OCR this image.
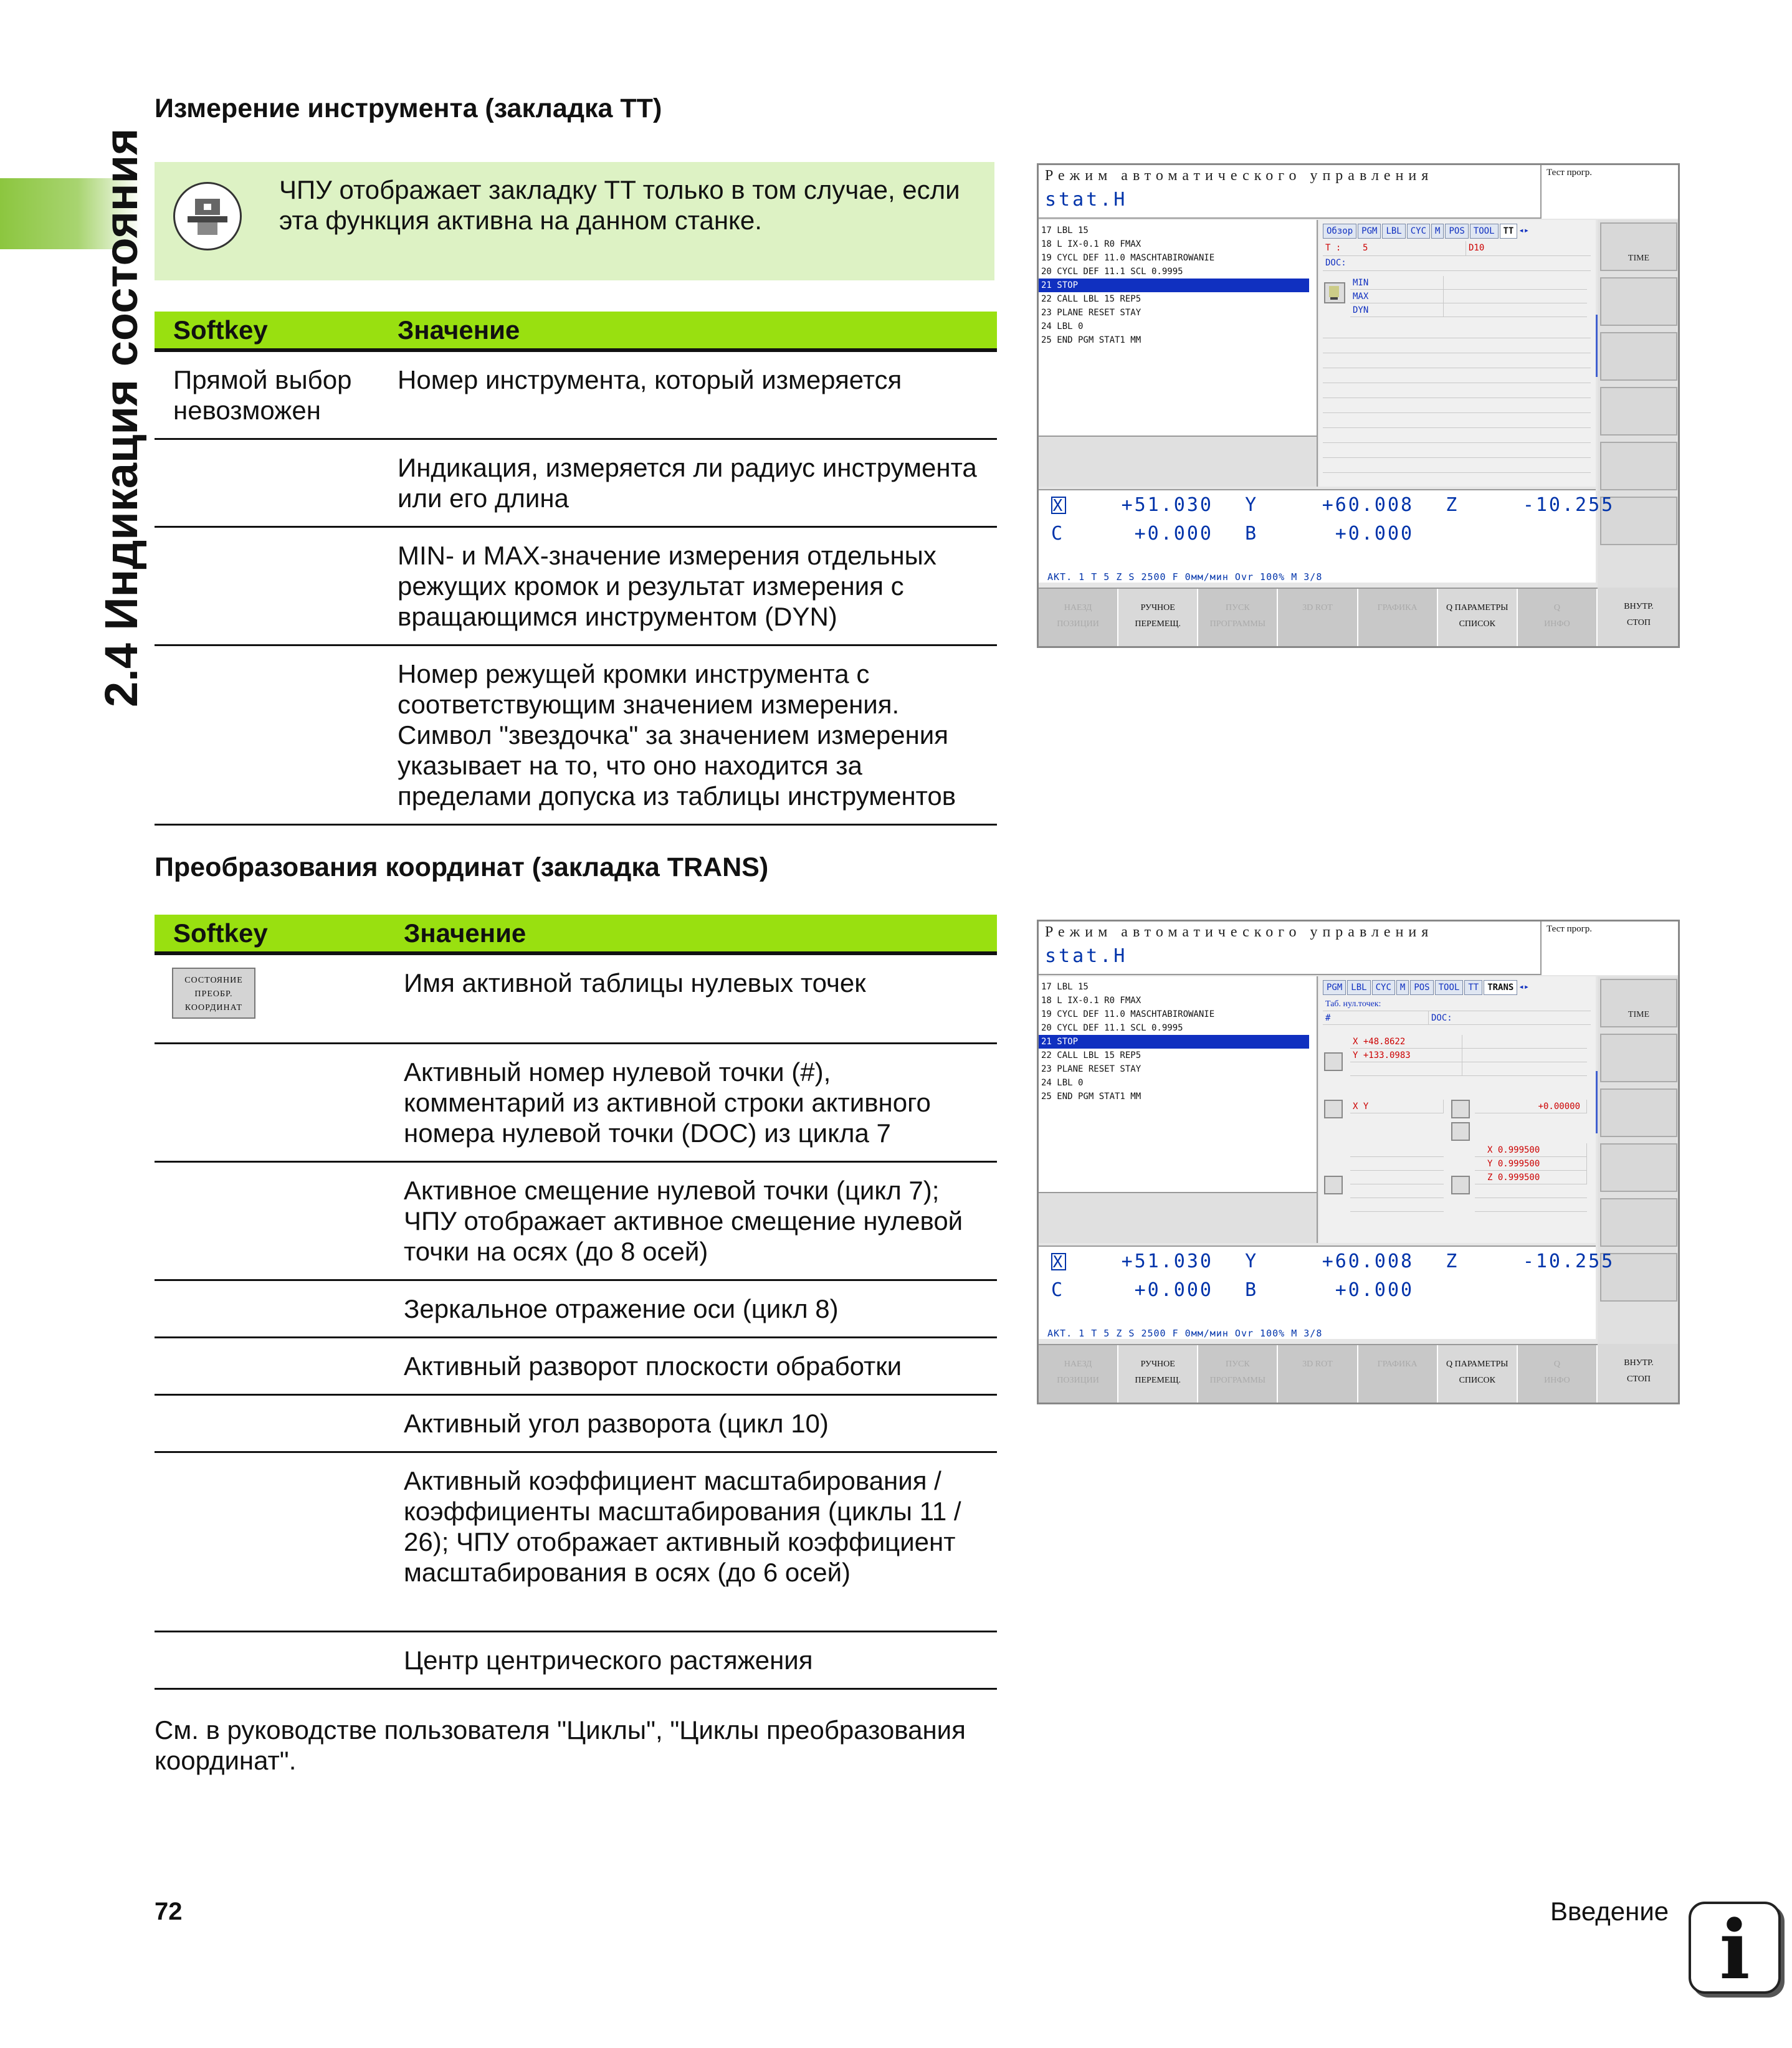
2.4 Индикация состояния
Измерение инструмента (закладка TT)
ЧПУ отображает закладку TT только в том случае, если эта функция активна на данном станке.
Softkey	Значение
Прямой выбор невозможен	Номер инструмента, который измеряется
	Индикация, измеряется ли радиус инструмента или его длина
	MIN- и MAX-значение измерения отдельных режущих кромок и результат измерения с вращающимся инструментом (DYN)
	Номер режущей кромки инструмента с соответствующим значением измерения. Символ "звездочка" за значением измерения указывает на то, что оно находится за пределами допуска из таблицы инструментов
Преобразования координат (закладка TRANS)
Softkey	Значение

СОСТОЯНИЕ
ПРЕОБР.
КООРДИНАТ	Имя активной таблицы нулевых точек
	Активный номер нулевой точки (#), комментарий из активной строки активного номера нулевой точки (DOC) из цикла 7
	Активное смещение нулевой точки (цикл 7); ЧПУ отображает активное смещение нулевой точки на осях (до 8 осей)
	Зеркальное отражение оси (цикл 8)
	Активный разворот плоскости обработки
	Активный угол разворота (цикл 10)
	Активный коэффициент масштабирования / коэффициенты масштабирования (циклы 11 / 26); ЧПУ отображает активный коэффициент масштабирования в осях (до 6 осей)
	Центр центрического растяжения
См. в руководстве пользователя "Циклы", "Циклы преобразования координат".
72	Введение i
Режим автоматического управления
stat.H
Тест прогр.
17 LBL 15
18 L IX-0.1 R0 FMAX
19 CYCL DEF 11.0 MASCHTABIROWANIE
20 CYCL DEF 11.1 SCL 0.9995
21 STOP
22 CALL LBL 15 REP5
23 PLANE RESET STAY
24 LBL 0
25 END PGM STAT1 MM
Обзор	PGM	LBL	CYC	M	POS	TOOL	TT ◂▸
T :	5	D10
DOC:
MIN
MAX
DYN
TIME
X	+51.030 Y	+60.008 Z	-10.255
C	+0.000 B	+0.000
АКТ. 1 T 5 Z S 2500 F 0мм/мин Ovr 100% M 3/8
НАЕЗД
ПОЗИЦИИ
РУЧНОЕ
ПЕРЕМЕЩ.
ПУСК
ПРОГРАММЫ
3D ROT	ГРАФИКА	Q ПАРАМЕТРЫ
СПИСОК
Q
ИНФО
ВНУТР.
СТОП
Режим автоматического управления
stat.H
Тест прогр.
17 LBL 15
18 L IX-0.1 R0 FMAX
19 CYCL DEF 11.0 MASCHTABIROWANIE
20 CYCL DEF 11.1 SCL 0.9995
21 STOP
22 CALL LBL 15 REP5
23 PLANE RESET STAY
24 LBL 0
25 END PGM STAT1 MM
PGM	LBL	CYC	M	POS	TOOL	TT	TRANS ◂▸
Таб. нул.точек:
#	DOC:
X +48.8622
Y +133.0983
X Y	+0.00000
X 0.999500
Y 0.999500
Z 0.999500
TIME
X	+51.030 Y	+60.008 Z	-10.255
C	+0.000 B	+0.000
АКТ. 1 T 5 Z S 2500 F 0мм/мин Ovr 100% M 3/8
НАЕЗД
ПОЗИЦИИ
РУЧНОЕ
ПЕРЕМЕЩ.
ПУСК
ПРОГРАММЫ
3D ROT	ГРАФИКА	Q ПАРАМЕТРЫ
СПИСОК
Q
ИНФО
ВНУТР.
СТОП
